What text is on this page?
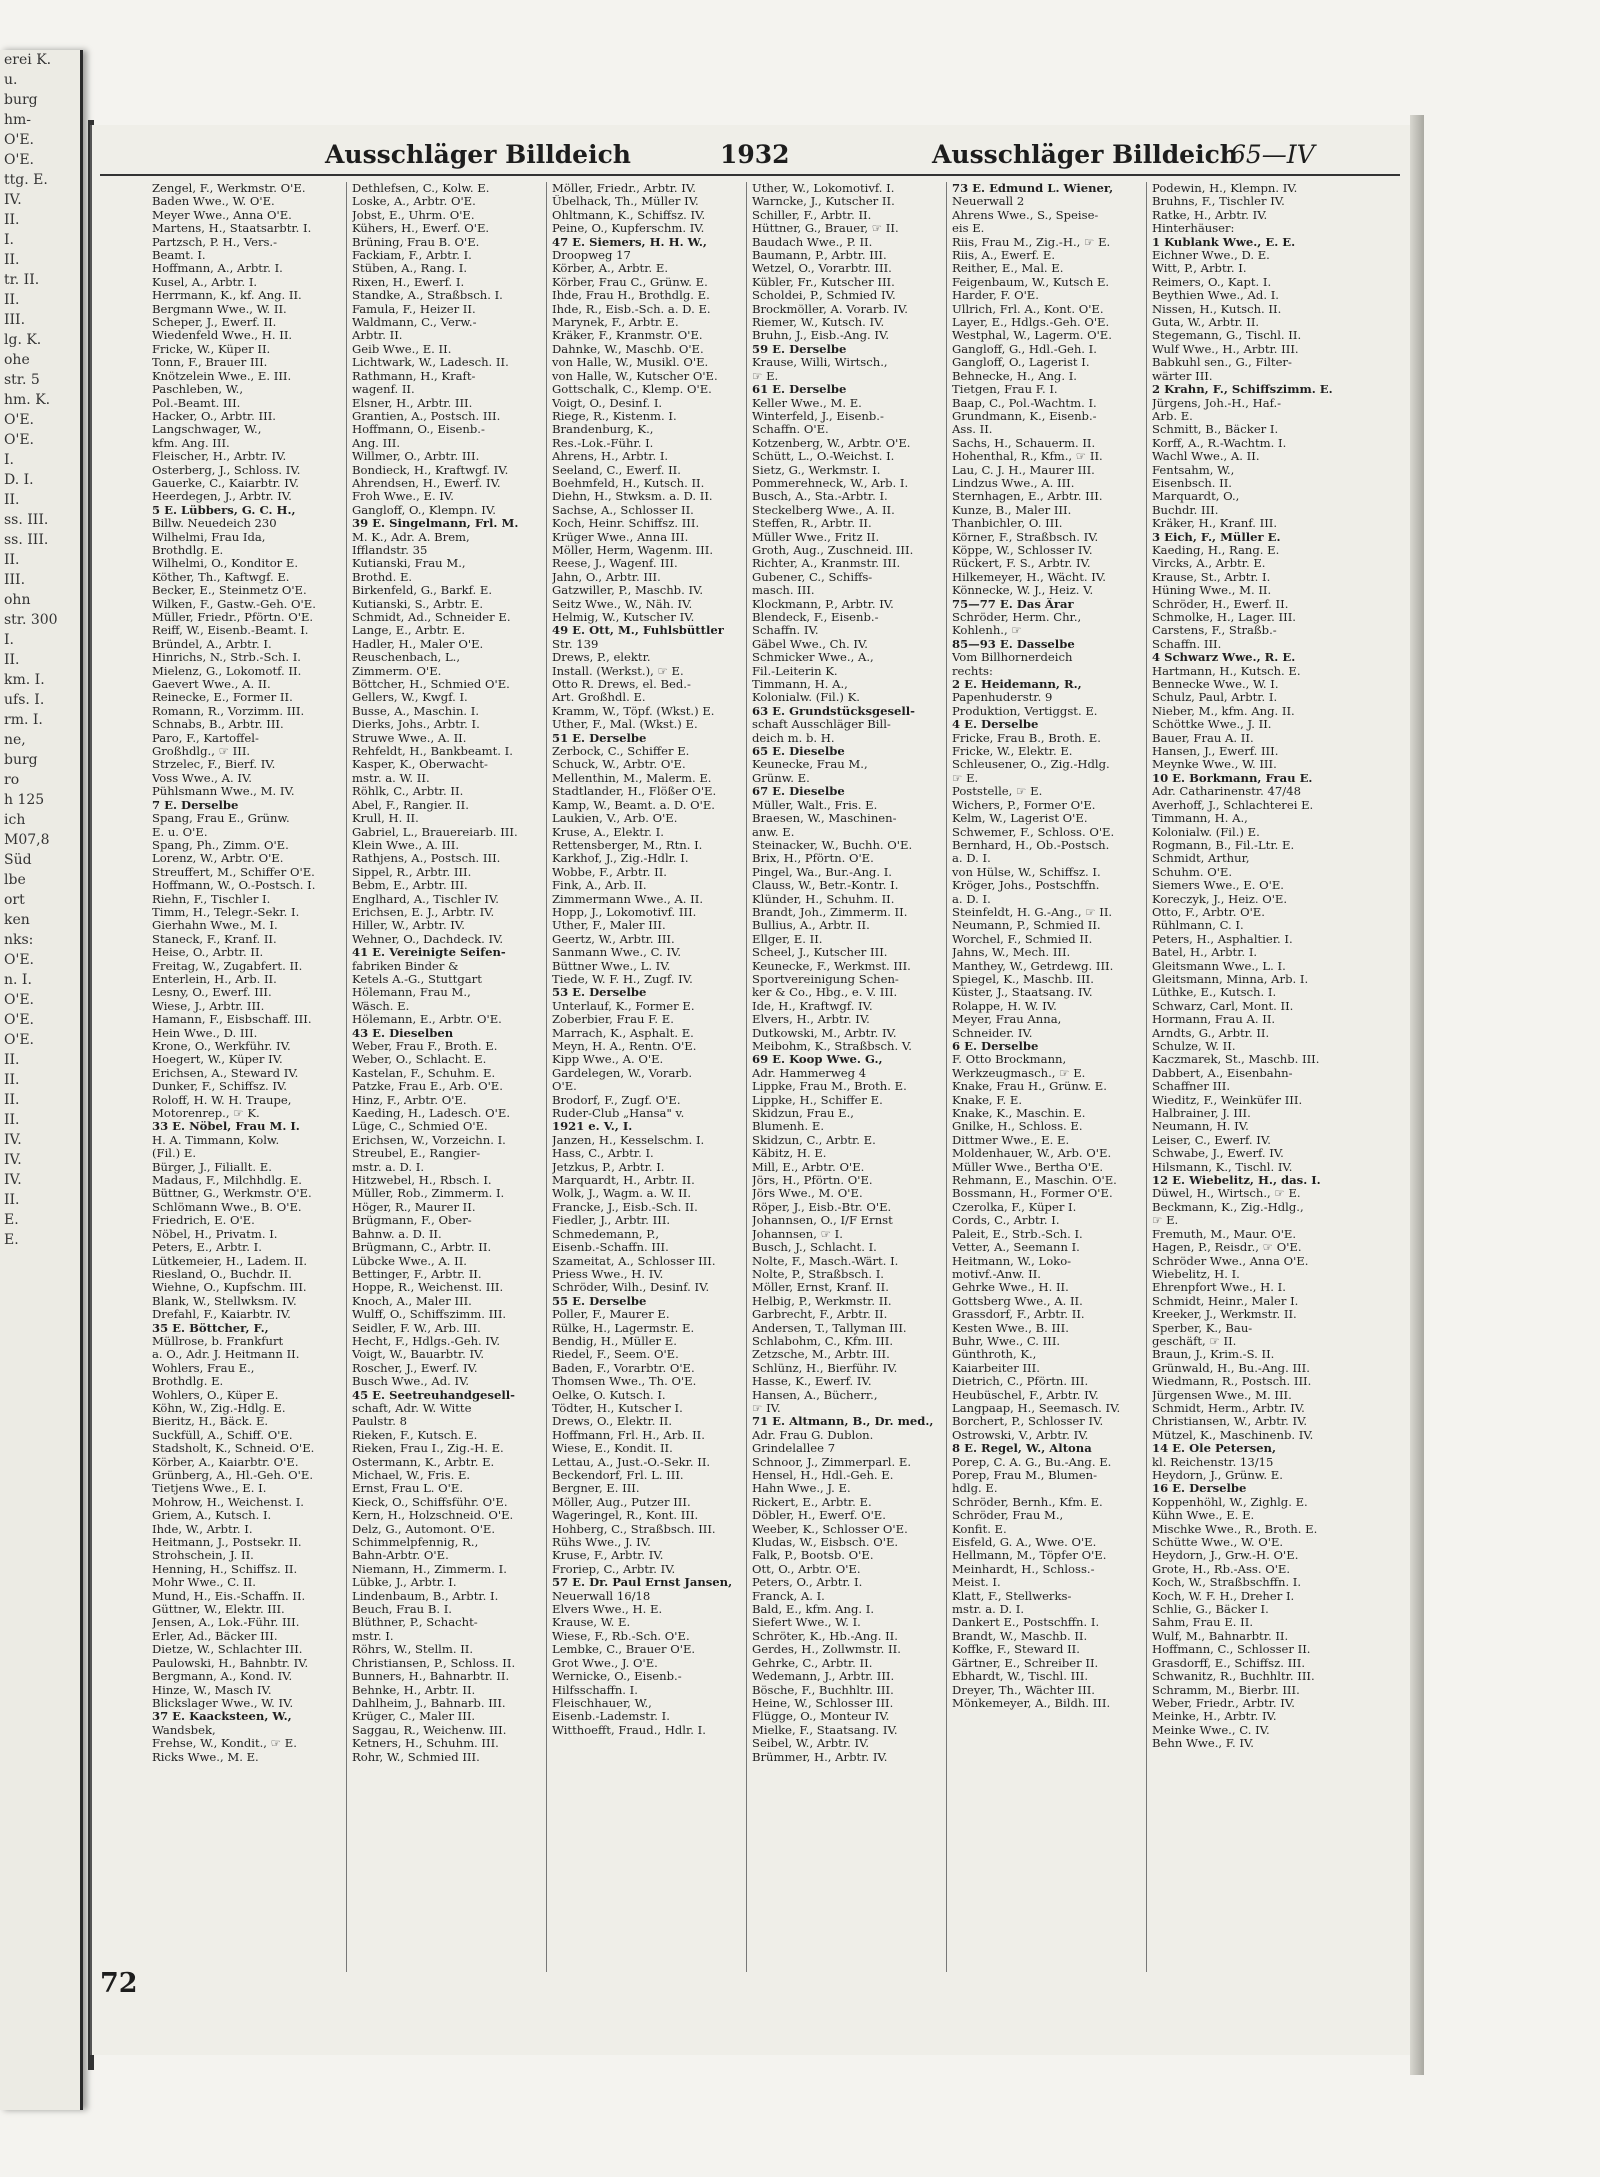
erei K.
u.
burg
hm-
O'E.
O'E.
ttg. E.
IV.
II.
I.
II.
tr. II.
II.
III.
lg. K.
ohe
str. 5
hm. K.
O'E.
O'E.
I.
D. I.
II.
ss. III.
ss. III.
II.
III.
ohn
str. 300
I.
II.
km. I.
ufs. I.
rm. I.
ne,
burg
ro
h 125
ich
M07,8
Süd
lbe
ort
ken
nks:
O'E.
n. I.
O'E.
O'E.
O'E.
II.
II.
II.
II.
IV.
IV.
IV.
II.
E.
E.
Ausschläger Billdeich	1932	Ausschläger Billdeich
65—IV
Zengel, F., Werkmstr. O'E.
Baden Wwe., W. O'E.
Meyer Wwe., Anna O'E.
Martens, H., Staatsarbtr. I.
Partzsch, P. H., Vers.-
Beamt. I.
Hoffmann, A., Arbtr. I.
Kusel, A., Arbtr. I.
Herrmann, K., kf. Ang. II.
Bergmann Wwe., W. II.
Scheper, J., Ewerf. II.
Wiedenfeld Wwe., H. II.
Fricke, W., Küper II.
Tonn, F., Brauer III.
Knötzelein Wwe., E. III.
Paschleben, W.,
Pol.-Beamt. III.
Hacker, O., Arbtr. III.
Langschwager, W.,
kfm. Ang. III.
Fleischer, H., Arbtr. IV.
Osterberg, J., Schloss. IV.
Gauerke, C., Kaiarbtr. IV.
Heerdegen, J., Arbtr. IV.
5 E. Lübbers, G. C. H.,
Billw. Neuedeich 230
Wilhelmi, Frau Ida,
Brothdlg. E.
Wilhelmi, O., Konditor E.
Köther, Th., Kaftwgf. E.
Becker, E., Steinmetz O'E.
Wilken, F., Gastw.-Geh. O'E.
Müller, Friedr., Pförtn. O'E.
Reiff, W., Eisenb.-Beamt. I.
Bründel, A., Arbtr. I.
Hinrichs, N., Strb.-Sch. I.
Mielenz, G., Lokomotf. II.
Gaevert Wwe., A. II.
Reinecke, E., Former II.
Romann, R., Vorzimm. III.
Schnabs, B., Arbtr. III.
Paro, F., Kartoffel-
Großhdlg., ☞ III.
Strzelec, F., Bierf. IV.
Voss Wwe., A. IV.
Pühlsmann Wwe., M. IV.
7 E. Derselbe
Spang, Frau E., Grünw.
E. u. O'E.
Spang, Ph., Zimm. O'E.
Lorenz, W., Arbtr. O'E.
Streuffert, M., Schiffer O'E.
Hoffmann, W., O.-Postsch. I.
Riehn, F., Tischler I.
Timm, H., Telegr.-Sekr. I.
Gierhahn Wwe., M. I.
Staneck, F., Kranf. II.
Heise, O., Arbtr. II.
Freitag, W., Zugabfert. II.
Enterlein, H., Arb. II.
Lesny, O., Ewerf. III.
Wiese, J., Arbtr. III.
Hamann, F., Eisbschaff. III.
Hein Wwe., D. III.
Krone, O., Werkführ. IV.
Hoegert, W., Küper IV.
Erichsen, A., Steward IV.
Dunker, F., Schiffsz. IV.
Roloff, H. W. H. Traupe,
Motorenrep., ☞ K.
33 E. Nöbel, Frau M. I.
H. A. Timmann, Kolw.
(Fil.) E.
Bürger, J., Filiallt. E.
Madaus, F., Milchhdlg. E.
Büttner, G., Werkmstr. O'E.
Schlömann Wwe., B. O'E.
Friedrich, E. O'E.
Nöbel, H., Privatm. I.
Peters, E., Arbtr. I.
Lütkemeier, H., Ladem. II.
Riesland, O., Buchdr. II.
Wiehne, O., Kupfschm. III.
Blank, W., Stellwksm. IV.
Drefahl, F., Kaiarbtr. IV.
35 E. Böttcher, F.,
Müllrose, b. Frankfurt
a. O., Adr. J. Heitmann II.
Wohlers, Frau E.,
Brothdlg. E.
Wohlers, O., Küper E.
Köhn, W., Zig.-Hdlg. E.
Bieritz, H., Bäck. E.
Suckfüll, A., Schiff. O'E.
Stadsholt, K., Schneid. O'E.
Körber, A., Kaiarbtr. O'E.
Grünberg, A., Hl.-Geh. O'E.
Tietjens Wwe., E. I.
Mohrow, H., Weichenst. I.
Griem, A., Kutsch. I.
Ihde, W., Arbtr. I.
Heitmann, J., Postsekr. II.
Strohschein, J. II.
Henning, H., Schiffsz. II.
Mohr Wwe., C. II.
Mund, H., Eis.-Schaffn. II.
Güttner, W., Elektr. III.
Jensen, A., Lok.-Führ. III.
Erler, Ad., Bäcker III.
Dietze, W., Schlachter III.
Paulowski, H., Bahnbtr. IV.
Bergmann, A., Kond. IV.
Hinze, W., Masch IV.
Blickslager Wwe., W. IV.
37 E. Kaacksteen, W.,
Wandsbek,
Frehse, W., Kondit., ☞ E.
Ricks Wwe., M. E.
Dethlefsen, C., Kolw. E.
Loske, A., Arbtr. O'E.
Jobst, E., Uhrm. O'E.
Kühers, H., Ewerf. O'E.
Brüning, Frau B. O'E.
Fackiam, F., Arbtr. I.
Stüben, A., Rang. I.
Rixen, H., Ewerf. I.
Standke, A., Straßbsch. I.
Famula, F., Heizer II.
Waldmann, C., Verw.-
Arbtr. II.
Geib Wwe., E. II.
Lichtwark, W., Ladesch. II.
Rathmann, H., Kraft-
wagenf. II.
Elsner, H., Arbtr. III.
Grantien, A., Postsch. III.
Hoffmann, O., Eisenb.-
Ang. III.
Willmer, O., Arbtr. III.
Bondieck, H., Kraftwgf. IV.
Ahrendsen, H., Ewerf. IV.
Froh Wwe., E. IV.
Gangloff, O., Klempn. IV.
39 E. Singelmann, Frl. M.
M. K., Adr. A. Brem,
Ifflandstr. 35
Kutianski, Frau M.,
Brothd. E.
Birkenfeld, G., Barkf. E.
Kutianski, S., Arbtr. E.
Schmidt, Ad., Schneider E.
Lange, E., Arbtr. E.
Hadler, H., Maler O'E.
Reuschenbach, L.,
Zimmerm. O'E.
Böttcher, H., Schmied O'E.
Gellers, W., Kwgf. I.
Busse, A., Maschin. I.
Dierks, Johs., Arbtr. I.
Struwe Wwe., A. II.
Rehfeldt, H., Bankbeamt. I.
Kasper, K., Oberwacht-
mstr. a. W. II.
Röhlk, C., Arbtr. II.
Abel, F., Rangier. II.
Krull, H. II.
Gabriel, L., Brauereiarb. III.
Klein Wwe., A. III.
Rathjens, A., Postsch. III.
Sippel, R., Arbtr. III.
Bebm, E., Arbtr. III.
Englhard, A., Tischler IV.
Erichsen, E. J., Arbtr. IV.
Hiller, W., Arbtr. IV.
Wehner, O., Dachdeck. IV.
41 E. Vereinigte Seifen-
fabriken Binder &
Ketels A.-G., Stuttgart
Hölemann, Frau M.,
Wäsch. E.
Hölemann, E., Arbtr. O'E.
43 E. Dieselben
Weber, Frau F., Broth. E.
Weber, O., Schlacht. E.
Kastelan, F., Schuhm. E.
Patzke, Frau E., Arb. O'E.
Hinz, F., Arbtr. O'E.
Kaeding, H., Ladesch. O'E.
Lüge, C., Schmied O'E.
Erichsen, W., Vorzeichn. I.
Streubel, E., Rangier-
mstr. a. D. I.
Hitzwebel, H., Rbsch. I.
Müller, Rob., Zimmerm. I.
Höger, R., Maurer II.
Brügmann, F., Ober-
Bahnw. a. D. II.
Brügmann, C., Arbtr. II.
Lübcke Wwe., A. II.
Bettinger, F., Arbtr. II.
Hoppe, R., Weichenst. III.
Knoch, A., Maler III.
Wulff, O., Schiffszimm. III.
Seidler, F. W., Arb. III.
Hecht, F., Hdlgs.-Geh. IV.
Voigt, W., Bauarbtr. IV.
Roscher, J., Ewerf. IV.
Busch Wwe., Ad. IV.
45 E. Seetreuhandgesell-
schaft, Adr. W. Witte
Paulstr. 8
Rieken, F., Kutsch. E.
Rieken, Frau I., Zig.-H. E.
Ostermann, K., Arbtr. E.
Michael, W., Fris. E.
Ernst, Frau L. O'E.
Kieck, O., Schiffsführ. O'E.
Kern, H., Holzschneid. O'E.
Delz, G., Automont. O'E.
Schimmelpfennig, R.,
Bahn-Arbtr. O'E.
Niemann, H., Zimmerm. I.
Lübke, J., Arbtr. I.
Lindenbaum, B., Arbtr. I.
Beuch, Frau B. I.
Blüthner, P., Schacht-
mstr. I.
Röhrs, W., Stellm. II.
Christiansen, P., Schloss. II.
Bunners, H., Bahnarbtr. II.
Behnke, H., Arbtr. II.
Dahlheim, J., Bahnarb. III.
Krüger, C., Maler III.
Saggau, R., Weichenw. III.
Ketners, H., Schuhm. III.
Rohr, W., Schmied III.
Möller, Friedr., Arbtr. IV.
Übelhack, Th., Müller IV.
Ohltmann, K., Schiffsz. IV.
Peine, O., Kupferschm. IV.
47 E. Siemers, H. H. W.,
Droopweg 17
Körber, A., Arbtr. E.
Körber, Frau C., Grünw. E.
Ihde, Frau H., Brothdlg. E.
Ihde, R., Eisb.-Sch. a. D. E.
Marynek, F., Arbtr. E.
Kräker, F., Kranmstr. O'E.
Dahnke, W., Maschb. O'E.
von Halle, W., Musikl. O'E.
von Halle, W., Kutscher O'E.
Gottschalk, C., Klemp. O'E.
Voigt, O., Desinf. I.
Riege, R., Kistenm. I.
Brandenburg, K.,
Res.-Lok.-Führ. I.
Ahrens, H., Arbtr. I.
Seeland, C., Ewerf. II.
Boehmfeld, H., Kutsch. II.
Diehn, H., Stwksm. a. D. II.
Sachse, A., Schlosser II.
Koch, Heinr. Schiffsz. III.
Krüger Wwe., Anna III.
Möller, Herm, Wagenm. III.
Reese, J., Wagenf. III.
Jahn, O., Arbtr. III.
Gatzwiller, P., Maschb. IV.
Seitz Wwe., W., Näh. IV.
Helmig, W., Kutscher IV.
49 E. Ott, M., Fuhlsbüttler
Str. 139
Drews, P., elektr.
Install. (Werkst.), ☞ E.
Otto R. Drews, el. Bed.-
Art. Großhdl. E.
Kramm, W., Töpf. (Wkst.) E.
Uther, F., Mal. (Wkst.) E.
51 E. Derselbe
Zerbock, C., Schiffer E.
Schuck, W., Arbtr. O'E.
Mellenthin, M., Malerm. E.
Stadtlander, H., Flößer O'E.
Kamp, W., Beamt. a. D. O'E.
Laukien, V., Arb. O'E.
Kruse, A., Elektr. I.
Rettensberger, M., Rtn. I.
Karkhof, J., Zig.-Hdlr. I.
Wobbe, F., Arbtr. II.
Fink, A., Arb. II.
Zimmermann Wwe., A. II.
Hopp, J., Lokomotivf. III.
Uther, F., Maler III.
Geertz, W., Arbtr. III.
Sanmann Wwe., C. IV.
Büttner Wwe., L. IV.
Tiede, W. F. H., Zugf. IV.
53 E. Derselbe
Unterlauf, K., Former E.
Zoberbier, Frau F. E.
Marrach, K., Asphalt. E.
Meyn, H. A., Rentn. O'E.
Kipp Wwe., A. O'E.
Gardelegen, W., Vorarb.
O'E.
Brodorf, F., Zugf. O'E.
Ruder-Club „Hansa" v.
1921 e. V., I.
Janzen, H., Kesselschm. I.
Hass, C., Arbtr. I.
Jetzkus, P., Arbtr. I.
Marquardt, H., Arbtr. II.
Wolk, J., Wagm. a. W. II.
Francke, J., Eisb.-Sch. II.
Fiedler, J., Arbtr. III.
Schmedemann, P.,
Eisenb.-Schaffn. III.
Szameitat, A., Schlosser III.
Priess Wwe., H. IV.
Schröder, Wilh., Desinf. IV.
55 E. Derselbe
Poller, F., Maurer E.
Rülke, H., Lagermstr. E.
Bendig, H., Müller E.
Riedel, F., Seem. O'E.
Baden, F., Vorarbtr. O'E.
Thomsen Wwe., Th. O'E.
Oelke, O. Kutsch. I.
Tödter, H., Kutscher I.
Drews, O., Elektr. II.
Hoffmann, Frl. H., Arb. II.
Wiese, E., Kondit. II.
Lettau, A., Just.-O.-Sekr. II.
Beckendorf, Frl. L. III.
Bergner, E. III.
Möller, Aug., Putzer III.
Wageringel, R., Kont. III.
Hohberg, C., Straßbsch. III.
Rühs Wwe., J. IV.
Kruse, F., Arbtr. IV.
Froriep, C., Arbtr. IV.
57 E. Dr. Paul Ernst Jansen,
Neuerwall 16/18
Elvers Wwe., H. E.
Krause, W. E.
Wiese, F., Rb.-Sch. O'E.
Lembke, C., Brauer O'E.
Grot Wwe., J. O'E.
Wernicke, O., Eisenb.-
Hilfsschaffn. I.
Fleischhauer, W.,
Eisenb.-Lademstr. I.
Witthoefft, Fraud., Hdlr. I.
Uther, W., Lokomotivf. I.
Warncke, J., Kutscher II.
Schiller, F., Arbtr. II.
Hüttner, G., Brauer, ☞ II.
Baudach Wwe., P. II.
Baumann, P., Arbtr. III.
Wetzel, O., Vorarbtr. III.
Kübler, Fr., Kutscher III.
Scholdei, P., Schmied IV.
Brockmöller, A. Vorarb. IV.
Riemer, W., Kutsch. IV.
Bruhn, J., Eisb.-Ang. IV.
59 E. Derselbe
Krause, Willi, Wirtsch.,
☞ E.
61 E. Derselbe
Keller Wwe., M. E.
Winterfeld, J., Eisenb.-
Schaffn. O'E.
Kotzenberg, W., Arbtr. O'E.
Schütt, L., O.-Weichst. I.
Sietz, G., Werkmstr. I.
Pommerehneck, W., Arb. I.
Busch, A., Sta.-Arbtr. I.
Steckelberg Wwe., A. II.
Steffen, R., Arbtr. II.
Müller Wwe., Fritz II.
Groth, Aug., Zuschneid. III.
Richter, A., Kranmstr. III.
Gubener, C., Schiffs-
masch. III.
Klockmann, P., Arbtr. IV.
Blendeck, F., Eisenb.-
Schaffn. IV.
Gäbel Wwe., Ch. IV.
Schmicker Wwe., A.,
Fil.-Leiterin K.
Timmann, H. A.,
Kolonialw. (Fil.) K.
63 E. Grundstücksgesell-
schaft Ausschläger Bill-
deich m. b. H.
65 E. Dieselbe
Keunecke, Frau M.,
Grünw. E.
67 E. Dieselbe
Müller, Walt., Fris. E.
Braesen, W., Maschinen-
anw. E.
Steinacker, W., Buchh. O'E.
Brix, H., Pförtn. O'E.
Pingel, Wa., Bur.-Ang. I.
Clauss, W., Betr.-Kontr. I.
Klünder, H., Schuhm. II.
Brandt, Joh., Zimmerm. II.
Bullius, A., Arbtr. II.
Ellger, E. II.
Scheel, J., Kutscher III.
Keunecke, F., Werkmst. III.
Sportvereinigung Schen-
ker & Co., Hbg., e. V. III.
Ide, H., Kraftwgf. IV.
Elvers, H., Arbtr. IV.
Dutkowski, M., Arbtr. IV.
Meibohm, K., Straßbsch. V.
69 E. Koop Wwe. G.,
Adr. Hammerweg 4
Lippke, Frau M., Broth. E.
Lippke, H., Schiffer E.
Skidzun, Frau E.,
Blumenh. E.
Skidzun, C., Arbtr. E.
Käbitz, H. E.
Mill, E., Arbtr. O'E.
Jörs, H., Pförtn. O'E.
Jörs Wwe., M. O'E.
Röper, J., Eisb.-Btr. O'E.
Johannsen, O., I/F Ernst
Johannsen, ☞ I.
Busch, J., Schlacht. I.
Nolte, F., Masch.-Wärt. I.
Nolte, P., Straßbsch. I.
Möller, Ernst, Kranf. II.
Helbig, P., Werkmstr. II.
Garbrecht, F., Arbtr. II.
Andersen, T., Tallyman III.
Schlabohm, C., Kfm. III.
Zetzsche, M., Arbtr. III.
Schlünz, H., Bierführ. IV.
Hasse, K., Ewerf. IV.
Hansen, A., Bücherr.,
☞ IV.
71 E. Altmann, B., Dr. med.,
Adr. Frau G. Dublon.
Grindelallee 7
Schnoor, J., Zimmerparl. E.
Hensel, H., Hdl.-Geh. E.
Hahn Wwe., J. E.
Rickert, E., Arbtr. E.
Döbler, H., Ewerf. O'E.
Weeber, K., Schlosser O'E.
Kludas, W., Eisbsch. O'E.
Falk, P., Bootsb. O'E.
Ott, O., Arbtr. O'E.
Peters, O., Arbtr. I.
Franck, A. I.
Bald, E., kfm. Ang. I.
Siefert Wwe., W. I.
Schröter, K., Hb.-Ang. II.
Gerdes, H., Zollwmstr. II.
Gehrke, C., Arbtr. II.
Wedemann, J., Arbtr. III.
Bösche, F., Buchhltr. III.
Heine, W., Schlosser III.
Flügge, O., Monteur IV.
Mielke, F., Staatsang. IV.
Seibel, W., Arbtr. IV.
Brümmer, H., Arbtr. IV.
73 E. Edmund L. Wiener,
Neuerwall 2
Ahrens Wwe., S., Speise-
eis E.
Riis, Frau M., Zig.-H., ☞ E.
Riis, A., Ewerf. E.
Reither, E., Mal. E.
Feigenbaum, W., Kutsch E.
Harder, F. O'E.
Ullrich, Frl. A., Kont. O'E.
Layer, E., Hdlgs.-Geh. O'E.
Westphal, W., Lagerm. O'E.
Gangloff, G., Hdl.-Geh. I.
Gangloff, O., Lagerist I.
Behnecke, H., Ang. I.
Tietgen, Frau F. I.
Baap, C., Pol.-Wachtm. I.
Grundmann, K., Eisenb.-
Ass. II.
Sachs, H., Schauerm. II.
Hohenthal, R., Kfm., ☞ II.
Lau, C. J. H., Maurer III.
Lindzus Wwe., A. III.
Sternhagen, E., Arbtr. III.
Kunze, B., Maler III.
Thanbichler, O. III.
Körner, F., Straßbsch. IV.
Köppe, W., Schlosser IV.
Rückert, F. S., Arbtr. IV.
Hilkemeyer, H., Wächt. IV.
Könnecke, W. J., Heiz. V.
75—77 E. Das Ärar
Schröder, Herm. Chr.,
Kohlenh., ☞
85—93 E. Dasselbe
Vom Billhornerdeich
rechts:
2 E. Heidemann, R.,
Papenhuderstr. 9
Produktion, Vertiggst. E.
4 E. Derselbe
Fricke, Frau B., Broth. E.
Fricke, W., Elektr. E.
Schleusener, O., Zig.-Hdlg.
☞ E.
Poststelle, ☞ E.
Wichers, P., Former O'E.
Kelm, W., Lagerist O'E.
Schwemer, F., Schloss. O'E.
Bernhard, H., Ob.-Postsch.
a. D. I.
von Hülse, W., Schiffsz. I.
Kröger, Johs., Postschffn.
a. D. I.
Steinfeldt, H. G.-Ang., ☞ II.
Neumann, P., Schmied II.
Worchel, F., Schmied II.
Jahns, W., Mech. III.
Manthey, W., Getrdewg. III.
Spiegel, K., Maschb. III.
Küster, J., Staatsang. IV.
Rolappe, H. W. IV.
Meyer, Frau Anna,
Schneider. IV.
6 E. Derselbe
F. Otto Brockmann,
Werkzeugmasch., ☞ E.
Knake, Frau H., Grünw. E.
Knake, F. E.
Knake, K., Maschin. E.
Gnilke, H., Schloss. E.
Dittmer Wwe., E. E.
Moldenhauer, W., Arb. O'E.
Müller Wwe., Bertha O'E.
Rehmann, E., Maschin. O'E.
Bossmann, H., Former O'E.
Czerolka, F., Küper I.
Cords, C., Arbtr. I.
Paleit, E., Strb.-Sch. I.
Vetter, A., Seemann I.
Heitmann, W., Loko-
motivf.-Anw. II.
Gehrke Wwe., H. II.
Gottsberg Wwe., A. II.
Grassdorf, F., Arbtr. II.
Kesten Wwe., B. III.
Buhr, Wwe., C. III.
Günthroth, K.,
Kaiarbeiter III.
Dietrich, C., Pförtn. III.
Heubüschel, F., Arbtr. IV.
Langpaap, H., Seemasch. IV.
Borchert, P., Schlosser IV.
Ostrowski, V., Arbtr. IV.
8 E. Regel, W., Altona
Porep, C. A. G., Bu.-Ang. E.
Porep, Frau M., Blumen-
hdlg. E.
Schröder, Bernh., Kfm. E.
Schröder, Frau M.,
Konfit. E.
Eisfeld, G. A., Wwe. O'E.
Hellmann, M., Töpfer O'E.
Meinhardt, H., Schloss.-
Meist. I.
Klatt, F., Stellwerks-
mstr. a. D. I.
Dankert E., Postschffn. I.
Brandt, W., Maschb. II.
Koffke, F., Steward II.
Gärtner, E., Schreiber II.
Ebhardt, W., Tischl. III.
Dreyer, Th., Wächter III.
Mönkemeyer, A., Bildh. III.
Podewin, H., Klempn. IV.
Bruhns, F., Tischler IV.
Ratke, H., Arbtr. IV.
Hinterhäuser:
1 Kublank Wwe., E. E.
Eichner Wwe., D. E.
Witt, P., Arbtr. I.
Reimers, O., Kapt. I.
Beythien Wwe., Ad. I.
Nissen, H., Kutsch. II.
Guta, W., Arbtr. II.
Stegemann, G., Tischl. II.
Wulf Wwe., H., Arbtr. III.
Babkuhl sen., G., Filter-
wärter III.
2 Krahn, F., Schiffszimm. E.
Jürgens, Joh.-H., Haf.-
Arb. E.
Schmitt, B., Bäcker I.
Korff, A., R.-Wachtm. I.
Wachl Wwe., A. II.
Fentsahm, W.,
Eisenbsch. II.
Marquardt, O.,
Buchdr. III.
Kräker, H., Kranf. III.
3 Eich, F., Müller E.
Kaeding, H., Rang. E.
Vircks, A., Arbtr. E.
Krause, St., Arbtr. I.
Hüning Wwe., M. II.
Schröder, H., Ewerf. II.
Schmolke, H., Lager. III.
Carstens, F., Straßb.-
Schaffn. III.
4 Schwarz Wwe., R. E.
Hartmann, H., Kutsch. E.
Bennecke Wwe., W. I.
Schulz, Paul, Arbtr. I.
Nieber, M., kfm. Ang. II.
Schöttke Wwe., J. II.
Bauer, Frau A. II.
Hansen, J., Ewerf. III.
Meynke Wwe., W. III.
10 E. Borkmann, Frau E.
Adr. Catharinenstr. 47/48
Averhoff, J., Schlachterei E.
Timmann, H. A.,
Kolonialw. (Fil.) E.
Rogmann, B., Fil.-Ltr. E.
Schmidt, Arthur,
Schuhm. O'E.
Siemers Wwe., E. O'E.
Koreczyk, J., Heiz. O'E.
Otto, F., Arbtr. O'E.
Rühlmann, C. I.
Peters, H., Asphaltier. I.
Batel, H., Arbtr. I.
Gleitsmann Wwe., L. I.
Gleitsmann, Minna, Arb. I.
Lüthke, E., Kutsch. I.
Schwarz, Carl, Mont. II.
Hormann, Frau A. II.
Arndts, G., Arbtr. II.
Schulze, W. II.
Kaczmarek, St., Maschb. III.
Dabbert, A., Eisenbahn-
Schaffner III.
Wieditz, F., Weinküfer III.
Halbrainer, J. III.
Neumann, H. IV.
Leiser, C., Ewerf. IV.
Schwabe, J., Ewerf. IV.
Hilsmann, K., Tischl. IV.
12 E. Wiebelitz, H., das. I.
Düwel, H., Wirtsch., ☞ E.
Beckmann, K., Zig.-Hdlg.,
☞ E.
Fremuth, M., Maur. O'E.
Hagen, P., Reisdr., ☞ O'E.
Schröder Wwe., Anna O'E.
Wiebelitz, H. I.
Ehrenpfort Wwe., H. I.
Schmidt, Heinr., Maler I.
Kreeker, J., Werkmstr. II.
Sperber, K., Bau-
geschäft, ☞ II.
Braun, J., Krim.-S. II.
Grünwald, H., Bu.-Ang. III.
Wiedmann, R., Postsch. III.
Jürgensen Wwe., M. III.
Schmidt, Herm., Arbtr. IV.
Christiansen, W., Arbtr. IV.
Mützel, K., Maschinenb. IV.
14 E. Ole Petersen,
kl. Reichenstr. 13/15
Heydorn, J., Grünw. E.
16 E. Derselbe
Koppenhöhl, W., Zighlg. E.
Kühn Wwe., E. E.
Mischke Wwe., R., Broth. E.
Schütte Wwe., W. O'E.
Heydorn, J., Grw.-H. O'E.
Grote, H., Rb.-Ass. O'E.
Koch, W., Straßbschffn. I.
Koch, W. F. H., Dreher I.
Schlie, G., Bäcker I.
Sahm, Frau E. II.
Wulf, M., Bahnarbtr. II.
Hoffmann, C., Schlosser II.
Grasdorff, E., Schiffsz. III.
Schwanitz, R., Buchhltr. III.
Schramm, M., Bierbr. III.
Weber, Friedr., Arbtr. IV.
Meinke, H., Arbtr. IV.
Meinke Wwe., C. IV.
Behn Wwe., F. IV.
72
